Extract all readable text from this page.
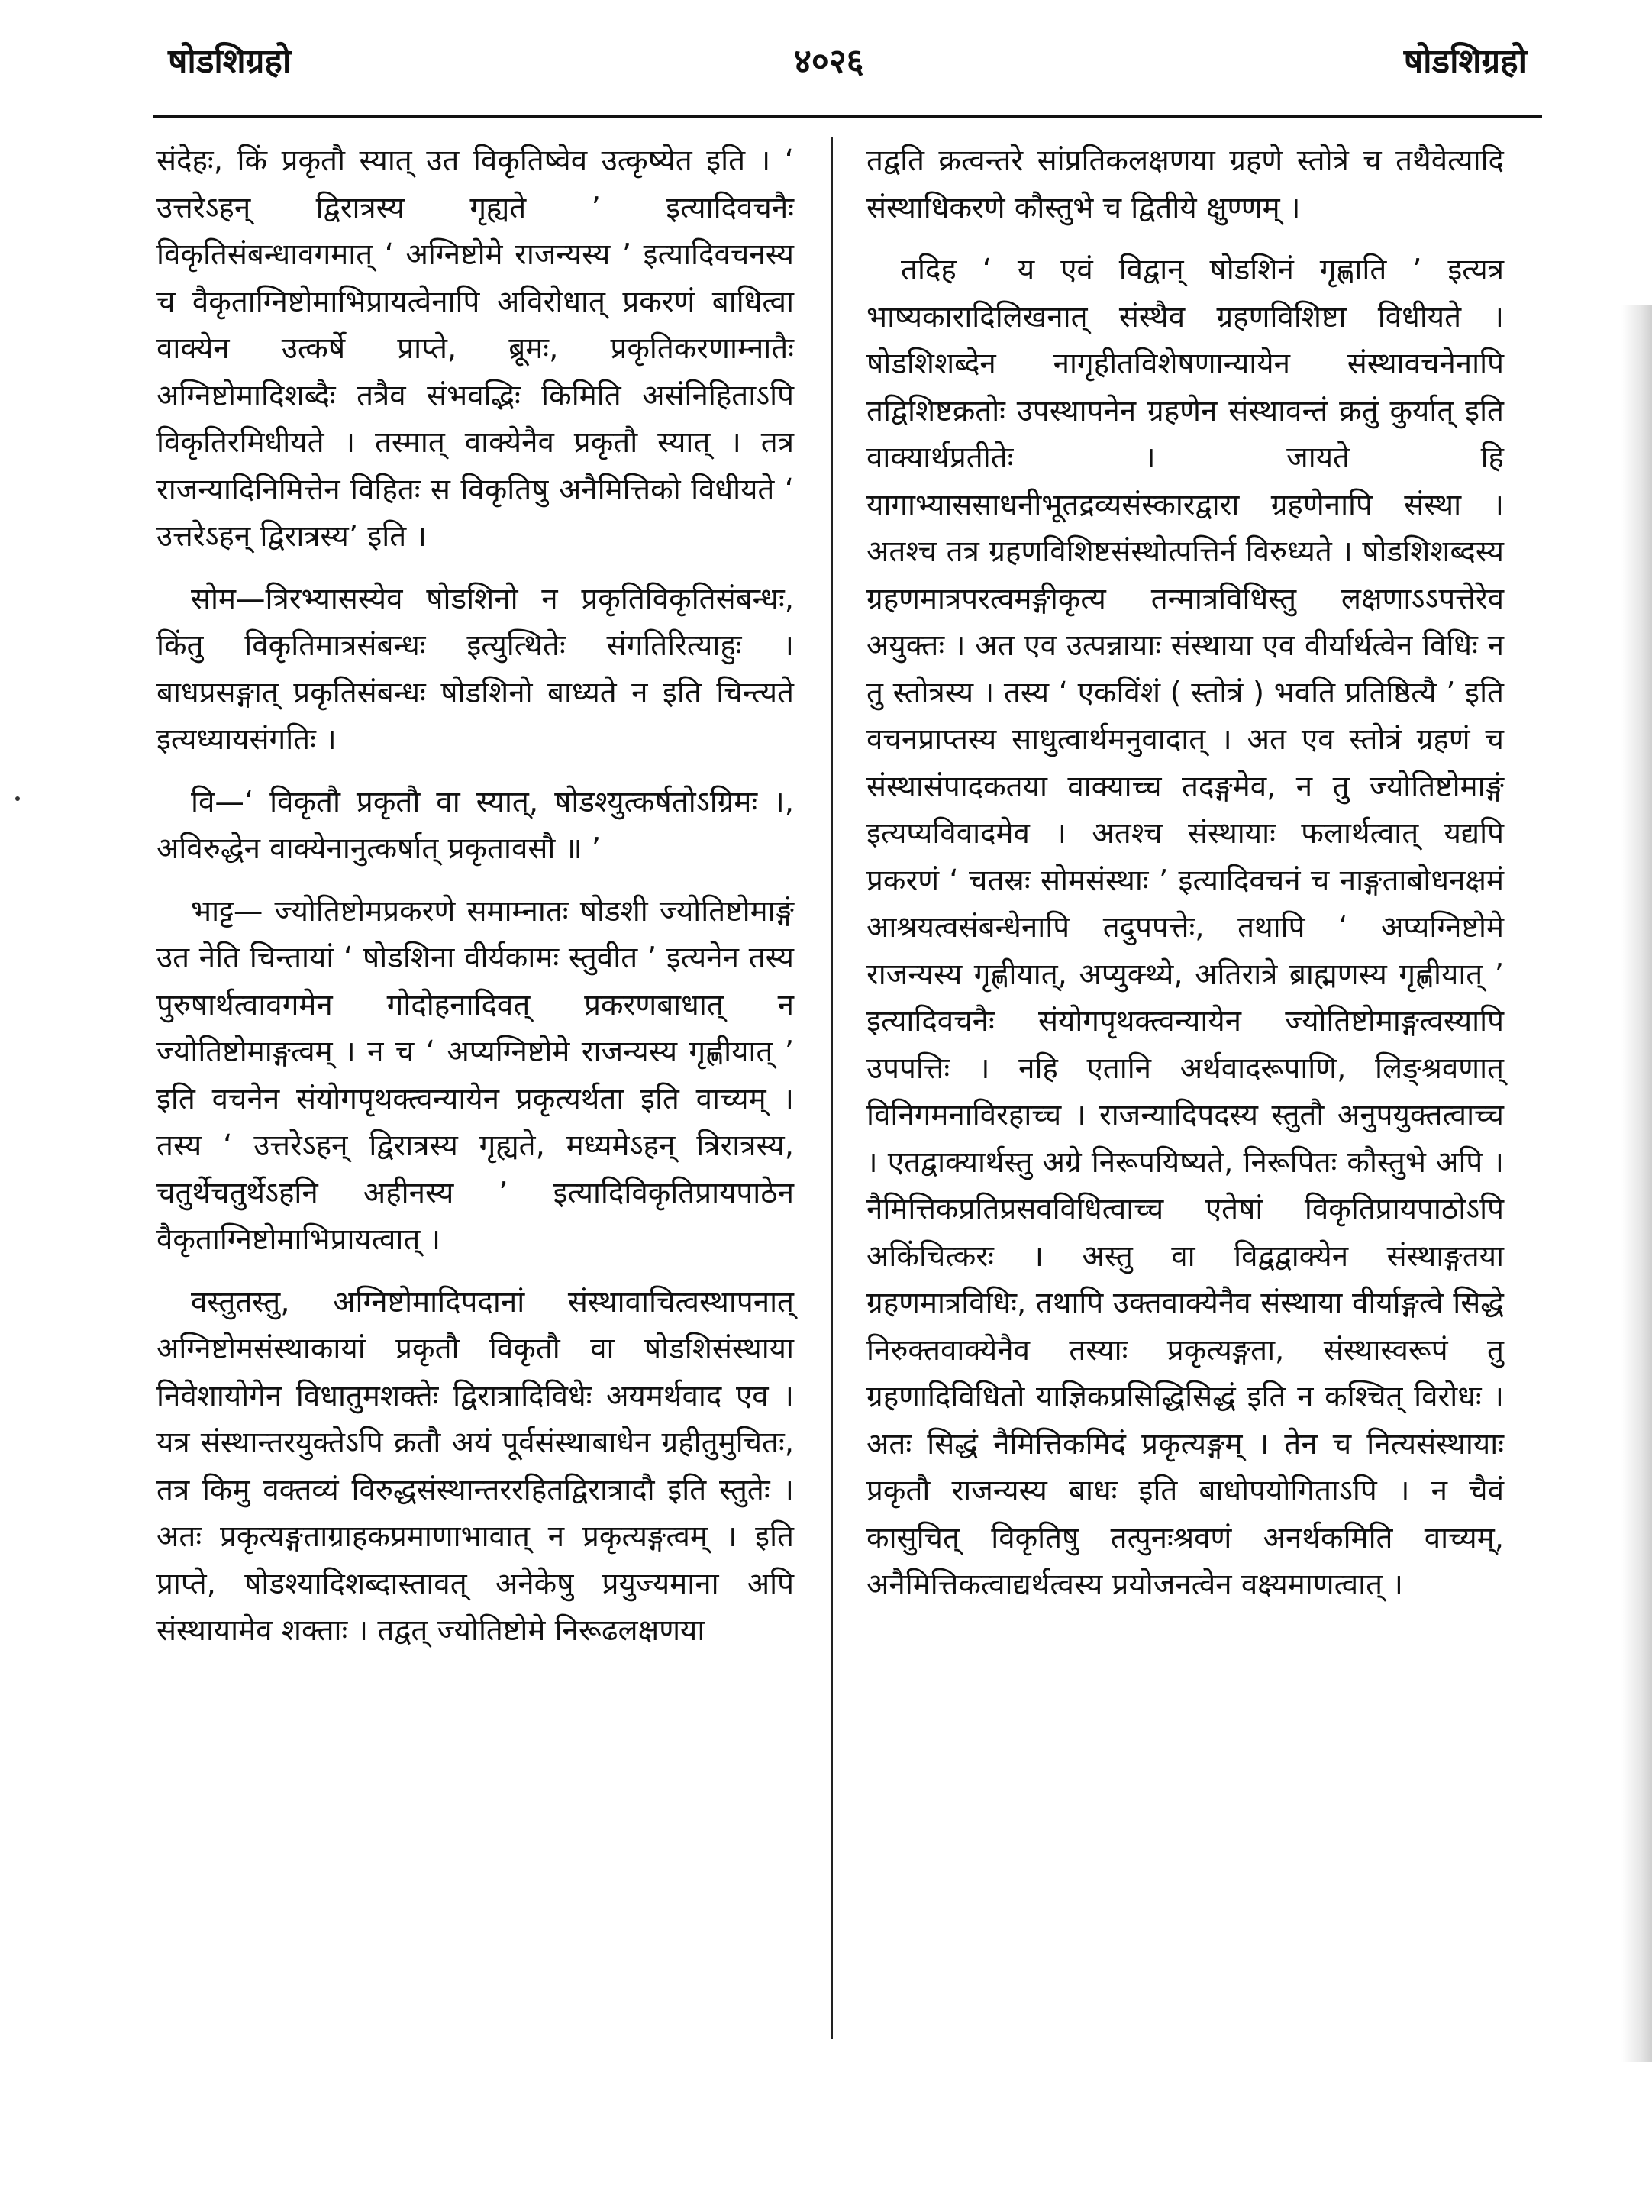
षोडशिग्रहो	४०२६	षोडशिग्रहो

संदेहः, किं प्रकृतौ स्यात् उत विकृतिष्वेव उत्कृष्येत इति । ‘ उत्तरेऽहन् द्विरात्रस्य गृह्यते ’ इत्यादिवचनैः विकृतिसंबन्धावगमात् ‘ अग्निष्टोमे राजन्यस्य ’ इत्यादिवचनस्य च वैकृताग्निष्टोमाभिप्रायत्वेनापि अविरोधात् प्रकरणं बाधित्वा वाक्येन उत्कर्षे प्राप्ते, ब्रूमः, प्रकृतिकरणाम्नातैः अग्निष्टोमादिशब्दैः तत्रैव संभवद्भिः किमिति असंनिहिताऽपि विकृतिरमिधीयते । तस्मात् वाक्येनैव प्रकृतौ स्यात् । तत्र राजन्यादिनिमित्तेन विहितः स विकृतिषु अनैमित्तिको विधीयते ‘ उत्तरेऽहन् द्विरात्रस्य’ इति ।

सोम—त्रिरभ्यासस्येव षोडशिनो न प्रकृतिविकृतिसंबन्धः, किंतु विकृतिमात्रसंबन्धः इत्युत्थितेः संगतिरित्याहुः । बाधप्रसङ्गात् प्रकृतिसंबन्धः षोडशिनो बाध्यते न इति चिन्त्यते इत्यध्यायसंगतिः ।

वि—‘ विकृतौ प्रकृतौ वा स्यात्, षोडश्युत्कर्षतोऽग्रिमः ।, अविरुद्धेन वाक्येनानुत्कर्षात् प्रकृतावसौ ॥ ’

भाट्ट— ज्योतिष्टोमप्रकरणे समाम्नातः षोडशी ज्योतिष्टोमाङ्गं उत नेति चिन्तायां ‘ षोडशिना वीर्यकामः स्तुवीत ’ इत्यनेन तस्य पुरुषार्थत्वावगमेन गोदोहनादिवत् प्रकरणबाधात् न ज्योतिष्टोमाङ्गत्वम् । न च ‘ अप्यग्निष्टोमे राजन्यस्य गृह्णीयात् ’ इति वचनेन संयोगपृथक्त्वन्यायेन प्रकृत्यर्थता इति वाच्यम् । तस्य ‘ उत्तरेऽहन् द्विरात्रस्य गृह्यते, मध्यमेऽहन् त्रिरात्रस्य, चतुर्थेचतुर्थेऽहनि अहीनस्य ’ इत्यादिविकृतिप्रायपाठेन वैकृताग्निष्टोमाभिप्रायत्वात् ।

वस्तुतस्तु, अग्निष्टोमादिपदानां संस्थावाचित्वस्थापनात् अग्निष्टोमसंस्थाकायां प्रकृतौ विकृतौ वा षोडशिसंस्थाया निवेशायोगेन विधातुमशक्तेः द्विरात्रादिविधेः अयमर्थवाद एव । यत्र संस्थान्तरयुक्तेऽपि क्रतौ अयं पूर्वसंस्थाबाधेन ग्रहीतुमुचितः, तत्र किमु वक्तव्यं विरुद्धसंस्थान्तररहितद्विरात्रादौ इति स्तुतेः । अतः प्रकृत्यङ्गताग्राहकप्रमाणाभावात् न प्रकृत्यङ्गत्वम् । इति प्राप्ते, षोडश्यादिशब्दास्तावत् अनेकेषु प्रयुज्यमाना अपि संस्थायामेव शक्ताः । तद्वत् ज्योतिष्टोमे निरूढलक्षणया

तद्वति क्रत्वन्तरे सांप्रतिकलक्षणया ग्रहणे स्तोत्रे च तथैवेत्यादि संस्थाधिकरणे कौस्तुभे च द्वितीये क्षुण्णम् ।

तदिह ‘ य एवं विद्वान् षोडशिनं गृह्णाति ’ इत्यत्र भाष्यकारादिलिखनात् संस्थैव ग्रहणविशिष्टा विधीयते । षोडशिशब्देन नागृहीतविशेषणान्यायेन संस्थावचनेनापि तद्विशिष्टक्रतोः उपस्थापनेन ग्रहणेन संस्थावन्तं क्रतुं कुर्यात् इति वाक्यार्थप्रतीतेः । जायते हि यागाभ्याससाधनीभूतद्रव्यसंस्कारद्वारा ग्रहणेनापि संस्था । अतश्च तत्र ग्रहणविशिष्टसंस्थोत्पत्तिर्न विरुध्यते । षोडशिशब्दस्य ग्रहणमात्रपरत्वमङ्गीकृत्य तन्मात्रविधिस्तु लक्षणाऽऽपत्तेरेव अयुक्तः । अत एव उत्पन्नायाः संस्थाया एव वीर्यार्थत्वेन विधिः न तु स्तोत्रस्य । तस्य ‘ एकविंशं ( स्तोत्रं ) भवति प्रतिष्ठित्यै ’ इति वचनप्राप्तस्य साधुत्वार्थमनुवादात् । अत एव स्तोत्रं ग्रहणं च संस्थासंपादकतया वाक्याच्च तदङ्गमेव, न तु ज्योतिष्टोमाङ्गं इत्यप्यविवादमेव । अतश्च संस्थायाः फलार्थत्वात् यद्यपि प्रकरणं ‘ चतस्रः सोमसंस्थाः ’ इत्यादिवचनं च नाङ्गताबोधनक्षमं आश्रयत्वसंबन्धेनापि तदुपपत्तेः, तथापि ‘ अप्यग्निष्टोमे राजन्यस्य गृह्णीयात्, अप्युक्थ्ये, अतिरात्रे ब्राह्मणस्य गृह्णीयात् ’ इत्यादिवचनैः संयोगपृथक्त्वन्यायेन ज्योतिष्टोमाङ्गत्वस्यापि उपपत्तिः । नहि एतानि अर्थवादरूपाणि, लिङ्श्रवणात् विनिगमनाविरहाच्च । राजन्यादिपदस्य स्तुतौ अनुपयुक्तत्वाच्च । एतद्वाक्यार्थस्तु अग्रे निरूपयिष्यते, निरूपितः कौस्तुभे अपि । नैमित्तिकप्रतिप्रसवविधित्वाच्च एतेषां विकृतिप्रायपाठोऽपि अकिंचित्करः । अस्तु वा विद्वद्वाक्येन संस्थाङ्गतया ग्रहणमात्रविधिः, तथापि उक्तवाक्येनैव संस्थाया वीर्याङ्गत्वे सिद्धे निरुक्तवाक्येनैव तस्याः प्रकृत्यङ्गता, संस्थास्वरूपं तु ग्रहणादिविधितो याज्ञिकप्रसिद्धिसिद्धं इति न कश्चित् विरोधः । अतः सिद्धं नैमित्तिकमिदं प्रकृत्यङ्गम् । तेन च नित्यसंस्थायाः प्रकृतौ राजन्यस्य बाधः इति बाधोपयोगिताऽपि । न चैवं कासुचित् विकृतिषु तत्पुनःश्रवणं अनर्थकमिति वाच्यम्, अनैमित्तिकत्वाद्यर्थत्वस्य प्रयोजनत्वेन वक्ष्यमाणत्वात् ।
